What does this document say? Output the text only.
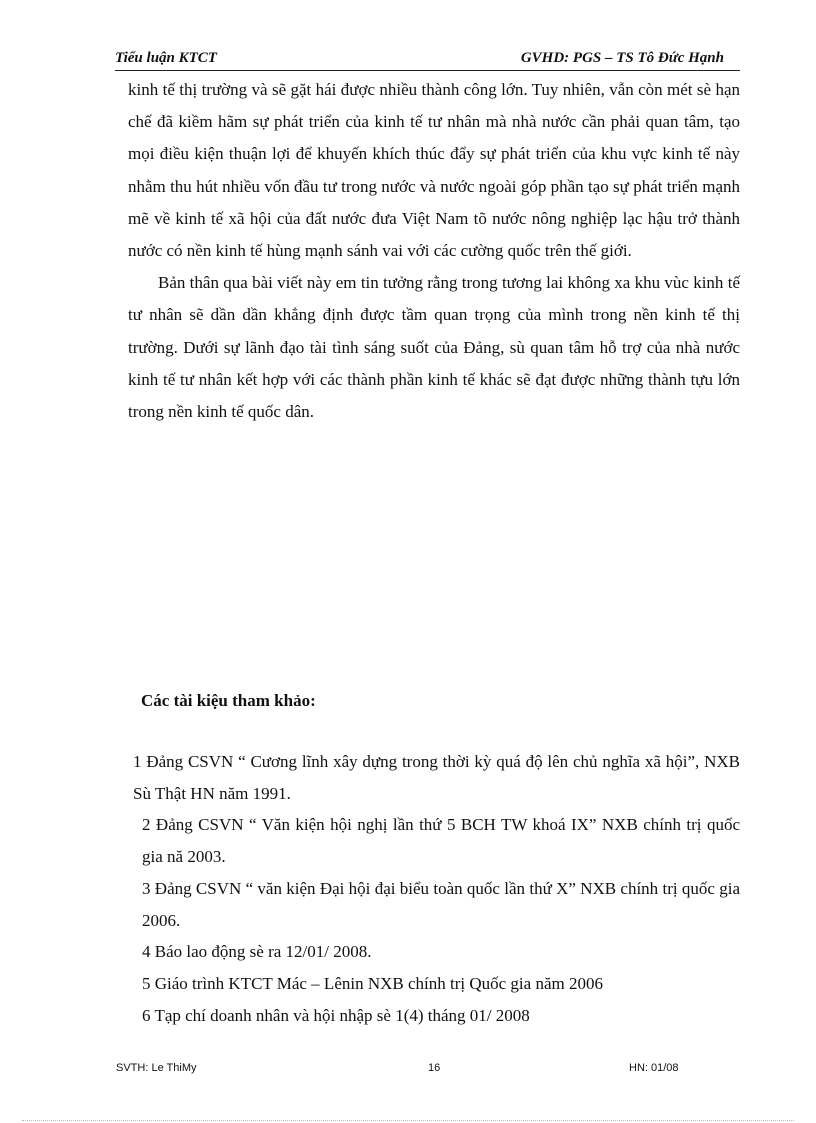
Tiểu luận KTCT	GVHD: PGS – TS Tô Đức Hạnh

kinh tế thị trường và sẽ gặt hái được nhiều thành công lớn. Tuy nhiên, vẫn còn mét sè hạn chế đã kiềm hãm sự phát triển của kinh tế tư nhân mà nhà nước cần phải quan tâm, tạo mọi điều kiện thuận lợi để khuyến khích thúc đẩy sự phát triển của khu vực kinh tế này nhằm thu hút nhiều vốn đầu tư trong nước và nước ngoài góp phần tạo sự phát triển mạnh mẽ về kinh tế xã hội của đất nước đưa Việt Nam tõ nước nông nghiệp lạc hậu trở thành nước có nền kinh tế hùng mạnh sánh vai với các cường quốc trên thế giới.

Bản thân qua bài viết này em tin tưởng rằng trong tương lai không xa khu vùc kinh tế tư nhân sẽ dần dần khẳng định được tầm quan trọng của mình trong nền kinh tế thị trường. Dưới sự lãnh đạo tài tình sáng suốt của Đảng, sù quan tâm hỗ trợ của nhà nước kinh tế tư nhân kết hợp với các thành phần kinh tế khác sẽ đạt được những thành tựu lớn trong nền kinh tế quốc dân.

Các tài kiệu tham khảo:

1 Đảng CSVN “ Cương lĩnh xây dựng trong thời kỳ quá độ lên chủ nghĩa xã hội”, NXB Sù Thật HN năm 1991.

2 Đảng CSVN “ Văn kiện hội nghị lần thứ 5 BCH TW khoá IX” NXB chính trị quốc gia nă 2003.

3 Đảng CSVN “ văn kiện Đại hội đại biểu toàn quốc lần thứ X” NXB chính trị quốc gia 2006.

4 Báo lao động sè ra 12/01/ 2008.

5 Giáo trình KTCT Mác – Lênin NXB chính trị Quốc gia năm 2006

6 Tạp chí doanh nhân và hội nhập sè 1(4) tháng 01/ 2008

SVTH: Le ThiMy	16	HN: 01/08
